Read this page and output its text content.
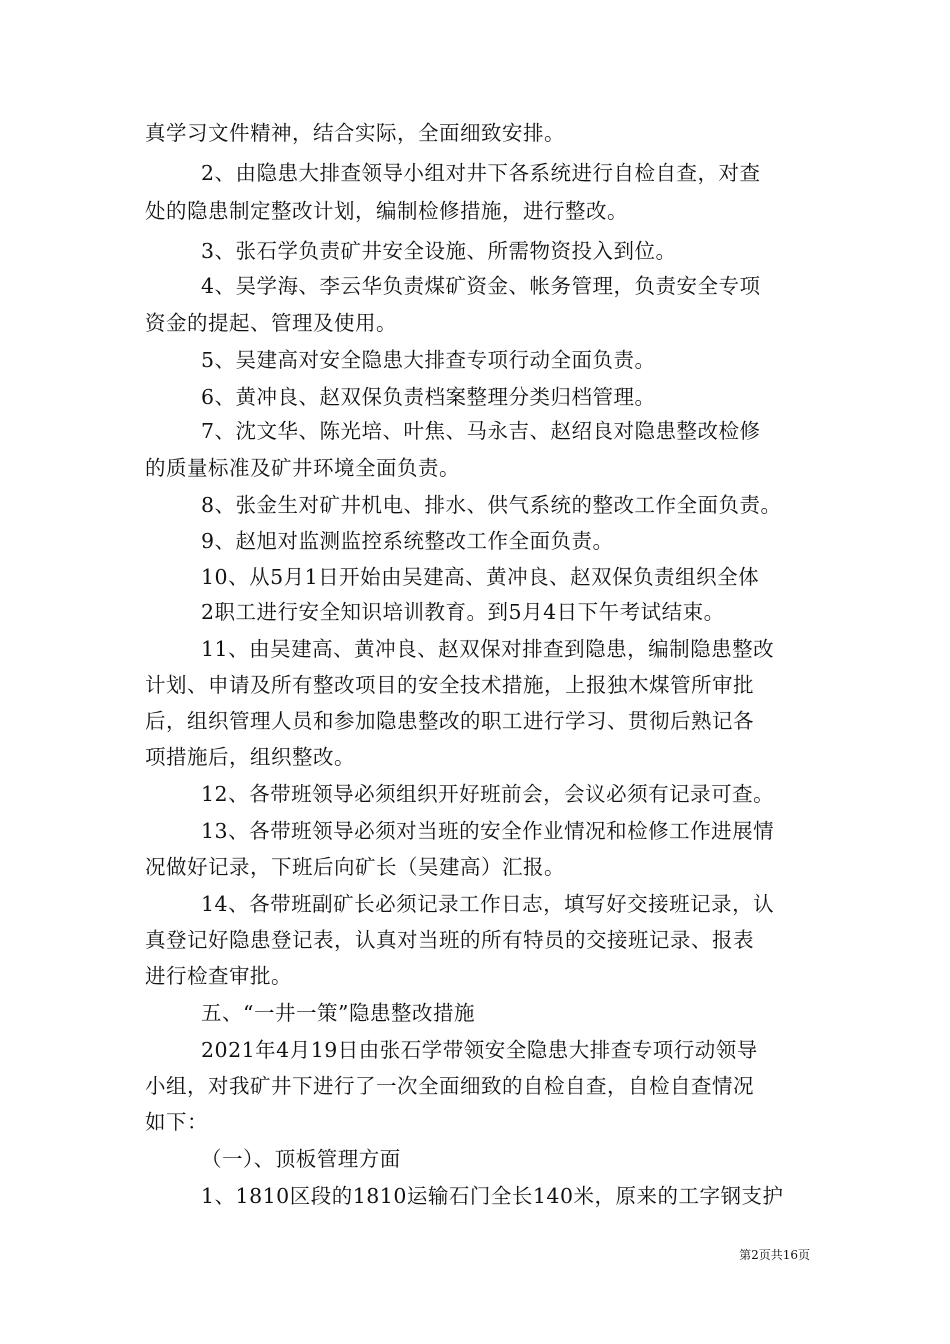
真学习文件精神，结合实际，全面细致安排。
2、由隐患大排查领导小组对井下各系统进行自检自查，对查
处的隐患制定整改计划，编制检修措施，进行整改。
3、张石学负责矿井安全设施、所需物资投入到位。
4、吴学海、李云华负责煤矿资金、帐务管理，负责安全专项
资金的提起、管理及使用。
5、吴建高对安全隐患大排查专项行动全面负责。
6、黄冲良、赵双保负责档案整理分类归档管理。
7、沈文华、陈光培、叶焦、马永吉、赵绍良对隐患整改检修
的质量标准及矿井环境全面负责。
8、张金生对矿井机电、排水、供气系统的整改工作全面负责。
9、赵旭对监测监控系统整改工作全面负责。
10、从5月1日开始由吴建高、黄冲良、赵双保负责组织全体
2职工进行安全知识培训教育。到5月4日下午考试结束。
11、由吴建高、黄冲良、赵双保对排查到隐患，编制隐患整改
计划、申请及所有整改项目的安全技术措施，上报独木煤管所审批
后，组织管理人员和参加隐患整改的职工进行学习、贯彻后熟记各
项措施后，组织整改。
12、各带班领导必须组织开好班前会，会议必须有记录可查。
13、各带班领导必须对当班的安全作业情况和检修工作进展情
况做好记录，下班后向矿长（吴建高）汇报。
14、各带班副矿长必须记录工作日志，填写好交接班记录，认
真登记好隐患登记表，认真对当班的所有特员的交接班记录、报表
进行检查审批。
五、“一井一策”隐患整改措施
2021年4月19日由张石学带领安全隐患大排查专项行动领导
小组，对我矿井下进行了一次全面细致的自检自查，自检自查情况
如下：
（一）、顶板管理方面
1、1810区段的1810运输石门全长140米，原来的工字钢支护
第2页共16页
